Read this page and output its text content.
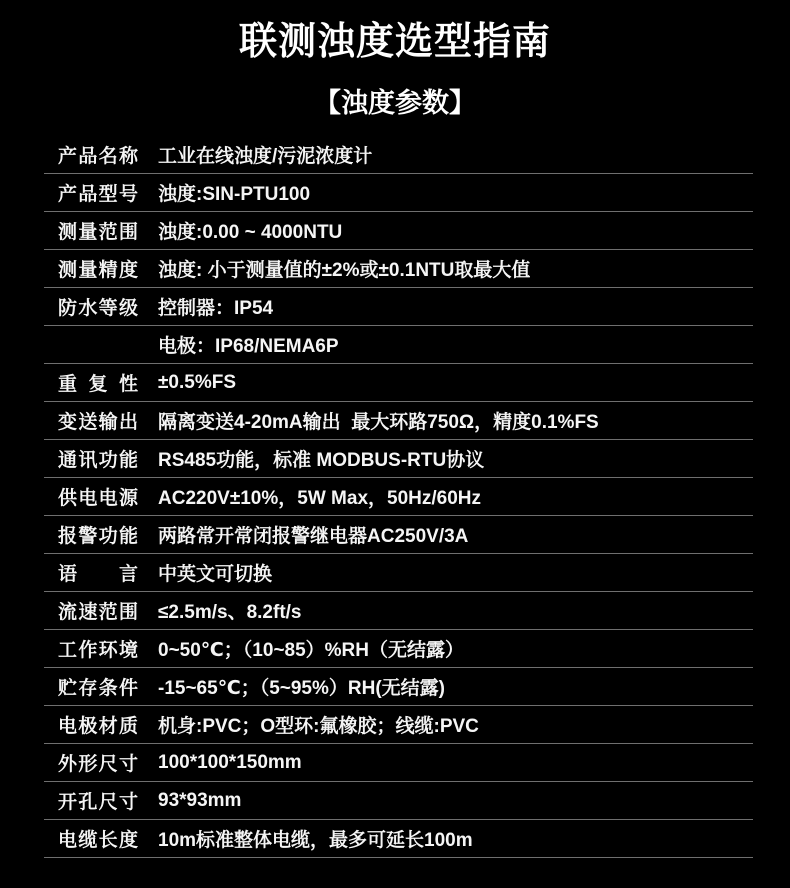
联测浊度选型指南
【浊度参数】
产品名称 工业在线浊度/污泥浓度计
产品型号 浊度:SIN-PTU100
测量范围 浊度:0.00 ~ 4000NTU
测量精度 浊度: 小于测量值的±2%或±0.1NTU取最大值
防水等级 控制器：IP54
电极：IP68/NEMA6P
重复性 ±0.5%FS
变送输出 隔离变送4-20mA输出  最大环路750Ω，精度0.1%FS
通讯功能 RS485功能，标准 MODBUS-RTU协议
供电电源 AC220V±10%，5W Max，50Hz/60Hz
报警功能 两路常开常闭报警继电器AC250V/3A
语言 中英文可切换
流速范围 ≤2.5m/s、8.2ft/s
工作环境 0~50℃；（10~85）%RH（无结露）
贮存条件 -15~65℃；（5~95%）RH(无结露)
电极材质 机身:PVC；O型环:氟橡胶；线缆:PVC
外形尺寸 100*100*150mm
开孔尺寸 93*93mm
电缆长度 10m标准整体电缆，最多可延长100m
